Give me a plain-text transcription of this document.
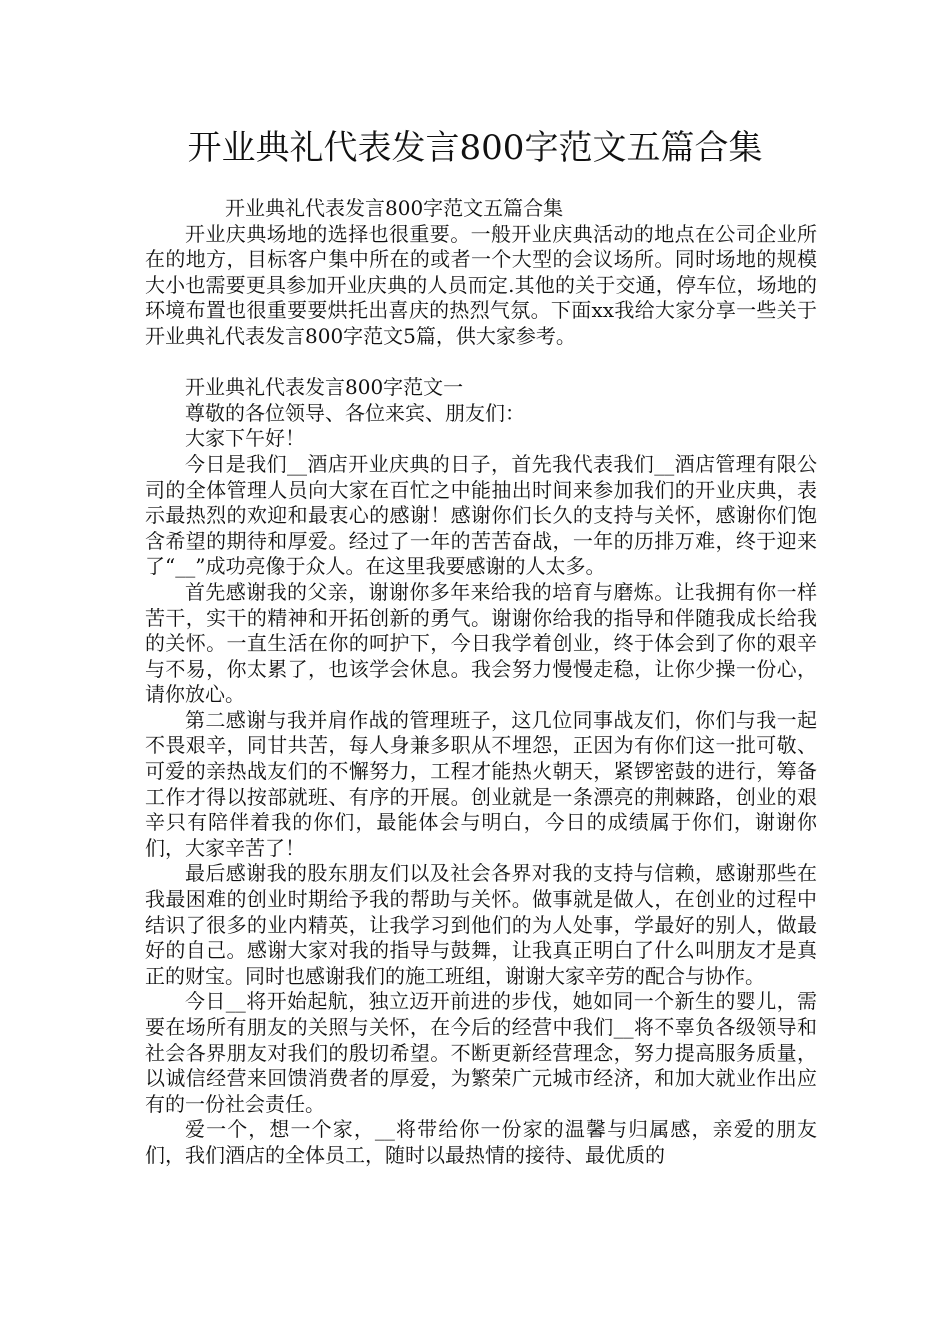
开业典礼代表发言800字范文五篇合集

开业典礼代表发言800字范文五篇合集

开业庆典场地的选择也很重要。一般开业庆典活动的地点在公司企业所在的地方，目标客户集中所在的或者一个大型的会议场所。同时场地的规模大小也需要更具参加开业庆典的人员而定.其他的关于交通，停车位，场地的环境布置也很重要要烘托出喜庆的热烈气氛。下面xx我给大家分享一些关于开业典礼代表发言800字范文5篇，供大家参考。

开业典礼代表发言800字范文一

尊敬的各位领导、各位来宾、朋友们：

大家下午好！

今日是我们__酒店开业庆典的日子，首先我代表我们__酒店管理有限公司的全体管理人员向大家在百忙之中能抽出时间来参加我们的开业庆典，表示最热烈的欢迎和最衷心的感谢！感谢你们长久的支持与关怀，感谢你们饱含希望的期待和厚爱。经过了一年的苦苦奋战，一年的历排万难，终于迎来了“__”成功亮像于众人。在这里我要感谢的人太多。

首先感谢我的父亲，谢谢你多年来给我的培育与磨炼。让我拥有你一样苦干，实干的精神和开拓创新的勇气。谢谢你给我的指导和伴随我成长给我的关怀。一直生活在你的呵护下，今日我学着创业，终于体会到了你的艰辛与不易，你太累了，也该学会休息。我会努力慢慢走稳，让你少操一份心，请你放心。

第二感谢与我并肩作战的管理班子，这几位同事战友们，你们与我一起不畏艰辛，同甘共苦，每人身兼多职从不埋怨，正因为有你们这一批可敬、可爱的亲热战友们的不懈努力，工程才能热火朝天，紧锣密鼓的进行，筹备工作才得以按部就班、有序的开展。创业就是一条漂亮的荆棘路，创业的艰辛只有陪伴着我的你们，最能体会与明白，今日的成绩属于你们，谢谢你们，大家辛苦了！

最后感谢我的股东朋友们以及社会各界对我的支持与信赖，感谢那些在我最困难的创业时期给予我的帮助与关怀。做事就是做人，在创业的过程中结识了很多的业内精英，让我学习到他们的为人处事，学最好的别人，做最好的自己。感谢大家对我的指导与鼓舞，让我真正明白了什么叫朋友才是真正的财宝。同时也感谢我们的施工班组，谢谢大家辛劳的配合与协作。

今日__将开始起航，独立迈开前进的步伐，她如同一个新生的婴儿，需要在场所有朋友的关照与关怀，在今后的经营中我们__将不辜负各级领导和社会各界朋友对我们的殷切希望。不断更新经营理念，努力提高服务质量，以诚信经营来回馈消费者的厚爱，为繁荣广元城市经济，和加大就业作出应有的一份社会责任。

爱一个，想一个家，__将带给你一份家的温馨与归属感，亲爱的朋友们，我们酒店的全体员工，随时以最热情的接待、最优质的
